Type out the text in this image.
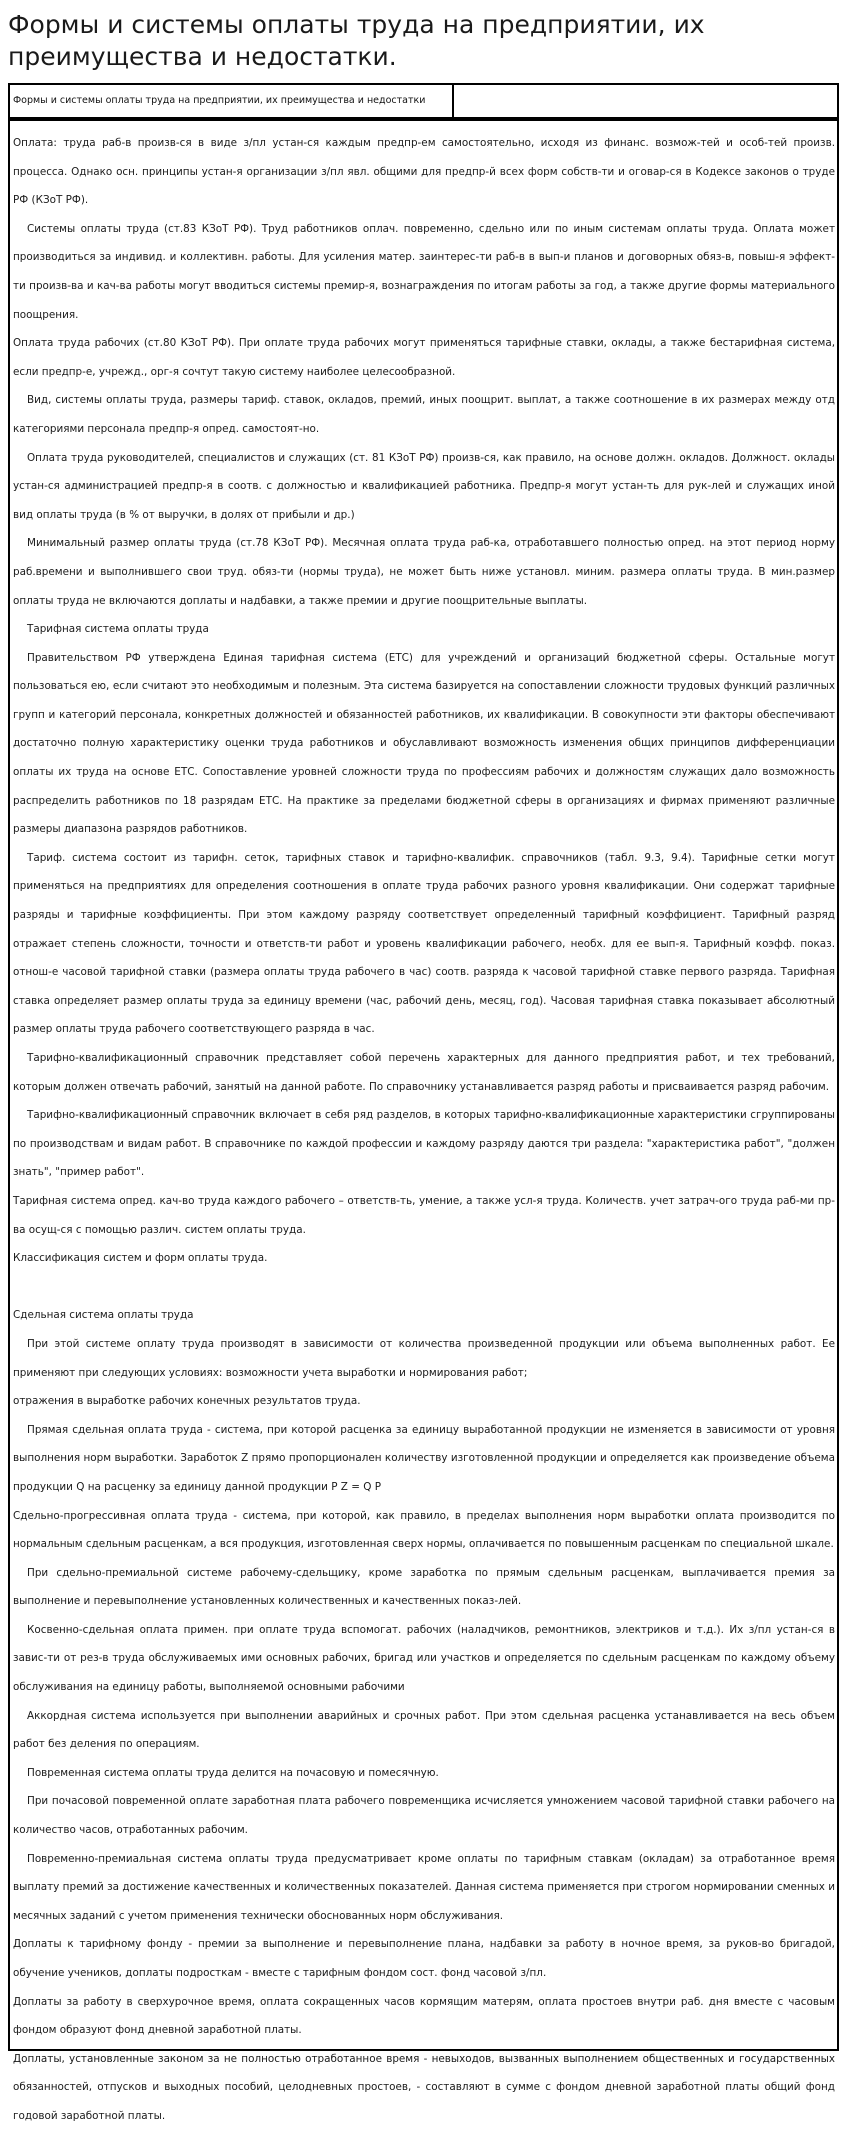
Формы и системы оплаты труда на предприятии, их преимущества и недостатки.
Формы и системы оплаты труда на предприятии, их преимущества и недостатки

Оплата: труда раб-в произв-ся в виде з/пл устан-ся каждым предпр-ем самостоятельно, исходя из финанс. возмож-тей и особ-тей произв. процесса. Однако осн. принципы устан-я организации з/пл явл. общими для предпр-й всех форм собств-ти и оговар-ся в Кодексе законов о труде РФ (КЗоТ РФ).

Системы оплаты труда (ст.83 КЗоТ РФ). Труд работников оплач. повременно, сдельно или по иным системам оплаты труда. Оплата может производиться за индивид. и коллективн. работы. Для усиления матер. заинтерес-ти раб-в в вып-и планов и договорных обяз-в, повыш-я эффект-ти произв-ва и кач-ва работы могут вводиться системы премир-я, вознаграждения по итогам работы за год, а также другие формы материального поощрения.

Оплата труда рабочих (ст.80 КЗоТ РФ). При оплате труда рабочих могут применяться тарифные ставки, оклады, а также бестарифная система, если предпр-е, учрежд., орг-я сочтут такую систему наиболее целесообразной.

Вид, системы оплаты труда, размеры тариф. ставок, окладов, премий, иных поощрит. выплат, а также соотношение в их размерах между отд категориями персонала предпр-я опред. самостоят-но.

Оплата труда руководителей, специалистов и служащих (ст. 81 КЗоТ РФ) произв-ся, как правило, на основе должн. окладов. Должност. оклады устан-ся администрацией предпр-я в соотв. с должностью и квалификацией работника. Предпр-я могут устан-ть для рук-лей и служащих иной вид оплаты труда (в % от выручки, в долях от прибыли и др.)

Минимальный размер оплаты труда (ст.78 КЗоТ РФ). Месячная оплата труда раб-ка, отработавшего полностью опред. на этот период норму раб.времени и выполнившего свои труд. обяз-ти (нормы труда), не может быть ниже установл. миним. размера оплаты труда. В мин.размер оплаты труда не включаются доплаты и надбавки, а также премии и другие поощрительные выплаты.

Тарифная система оплаты труда

Правительством РФ утверждена Единая тарифная система (ЕТС) для учреждений и организаций бюджетной сферы. Остальные могут пользоваться ею, если считают это необходимым и полезным. Эта система базируется на сопоставлении сложности трудовых функций различных групп и категорий персонала, конкретных должностей и обязанностей работников, их квалификации. В совокупности эти факторы обеспечивают достаточно полную характеристику оценки труда работников и обуславливают возможность изменения общих принципов дифференциации оплаты их труда на основе ЕТС. Сопоставление уровней сложности труда по профессиям рабочих и должностям служащих дало возможность распределить работников по 18 разрядам ЕТС. На практике за пределами бюджетной сферы в организациях и фирмах применяют различные размеры диапазона разрядов работников.

Тариф. система состоит из тарифн. сеток, тарифных ставок и тарифно-квалифик. справочников (табл. 9.3, 9.4). Тарифные сетки могут применяться на предприятиях для определения соотношения в оплате труда рабочих разного уровня квалификации. Они содержат тарифные разряды и тарифные коэффициенты. При этом каждому разряду соответствует определенный тарифный коэффициент. Тарифный разряд отражает степень сложности, точности и ответств-ти работ и уровень квалификации рабочего, необх. для ее вып-я. Тарифный коэфф. показ. отнош-е часовой тарифной ставки (размера оплаты труда рабочего в час) соотв. разряда к часовой тарифной ставке первого разряда. Тарифная ставка определяет размер оплаты труда за единицу времени (час, рабочий день, месяц, год). Часовая тарифная ставка показывает абсолютный размер оплаты труда рабочего соответствующего разряда в час.

Тарифно-квалификационный справочник представляет собой перечень характерных для данного предприятия работ, и тех требований, которым должен отвечать рабочий, занятый на данной работе. По справочнику устанавливается разряд работы и присваивается разряд рабочим.

Тарифно-квалификационный справочник включает в себя ряд разделов, в которых тарифно-квалификационные характеристики сгруппированы по производствам и видам работ. В справочнике по каждой профессии и каждому разряду даются три раздела: "характеристика работ", "должен знать", "пример работ".

Тарифная система опред. кач-во труда каждого рабочего – ответств-ть, умение, а также усл-я труда. Количеств. учет затрач-ого труда раб-ми пр-ва осущ-ся с помощью различ. систем оплаты труда.

Классификация систем и форм оплаты труда.

Сдельная система оплаты труда

При этой системе оплату труда производят в зависимости от количества произведенной продукции или объема выполненных работ. Ее применяют при следующих условиях: возможности учета выработки и нормирования работ;

отражения в выработке рабочих конечных результатов труда.

Прямая сдельная оплата труда - система, при которой расценка за единицу выработанной продукции не изменяется в зависимости от уровня выполнения норм выработки. Заработок Z прямо пропорционален количеству изготовленной продукции и определяется как произведение объема продукции Q на расценку за единицу данной продукции P Z = Q P

Сдельно-прогрессивная оплата труда - система, при которой, как правило, в пределах выполнения норм выработки оплата производится по нормальным сдельным расценкам, а вся продукция, изготовленная сверх нормы, оплачивается по повышенным расценкам по специальной шкале.

При сдельно-премиальной системе рабочему-сдельщику, кроме заработка по прямым сдельным расценкам, выплачивается премия за выполнение и перевыполнение установленных количественных и качественных показ-лей.

Косвенно-сдельная оплата примен. при оплате труда вспомогат. рабочих (наладчиков, ремонтников, электриков и т.д.). Их з/пл устан-ся в завис-ти от рез-в труда обслуживаемых ими основных рабочих, бригад или участков и определяется по сдельным расценкам по каждому объему обслуживания на единицу работы, выполняемой основными рабочими

Аккордная система используется при выполнении аварийных и срочных работ. При этом сдельная расценка устанавливается на весь объем работ без деления по операциям.

Повременная система оплаты труда делится на почасовую и помесячную.

При почасовой повременной оплате заработная плата рабочего повременщика исчисляется умножением часовой тарифной ставки рабочего на количество часов, отработанных рабочим.

Повременно-премиальная система оплаты труда предусматривает кроме оплаты по тарифным ставкам (окладам) за отработанное время выплату премий за достижение качественных и количественных показателей. Данная система применяется при строгом нормировании сменных и месячных заданий с учетом применения технически обоснованных норм обслуживания.

Доплаты к тарифному фонду - премии за выполнение и перевыполнение плана, надбавки за работу в ночное время, за руков-во бригадой, обучение учеников, доплаты подросткам - вместе с тарифным фондом сост. фонд часовой з/пл.

Доплаты за работу в сверхурочное время, оплата сокращенных часов кормящим матерям, оплата простоев внутри раб. дня вместе с часовым фондом образуют фонд дневной заработной платы.

Доплаты, установленные законом за не полностью отработанное время - невыходов, вызванных выполнением общественных и государственных обязанностей, отпусков и выходных пособий, целодневных простоев, - составляют в сумме с фондом дневной заработной платы общий фонд годовой заработной платы.
